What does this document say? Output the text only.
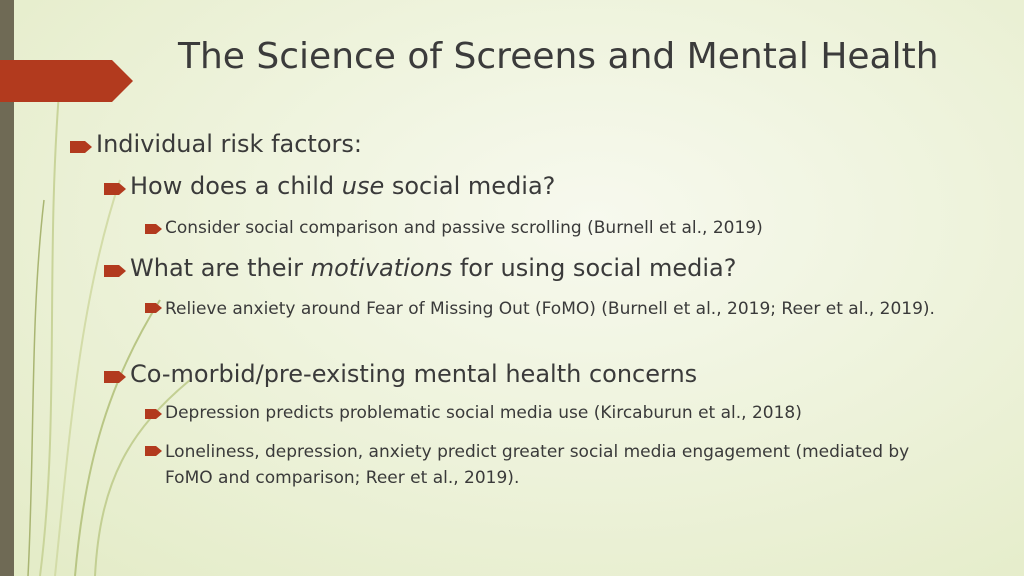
The Science of Screens and Mental Health
Individual risk factors:
How does a child use social media?
Consider social comparison and passive scrolling (Burnell et al., 2019)
What are their motivations for using social media?
Relieve anxiety around Fear of Missing Out (FoMO) (Burnell et al., 2019; Reer et al., 2019).
Co-morbid/pre-existing mental health concerns
Depression predicts problematic social media use (Kircaburun et al., 2018)
Loneliness, depression, anxiety predict greater social media engagement (mediated by FoMO and comparison; Reer et al., 2019).
